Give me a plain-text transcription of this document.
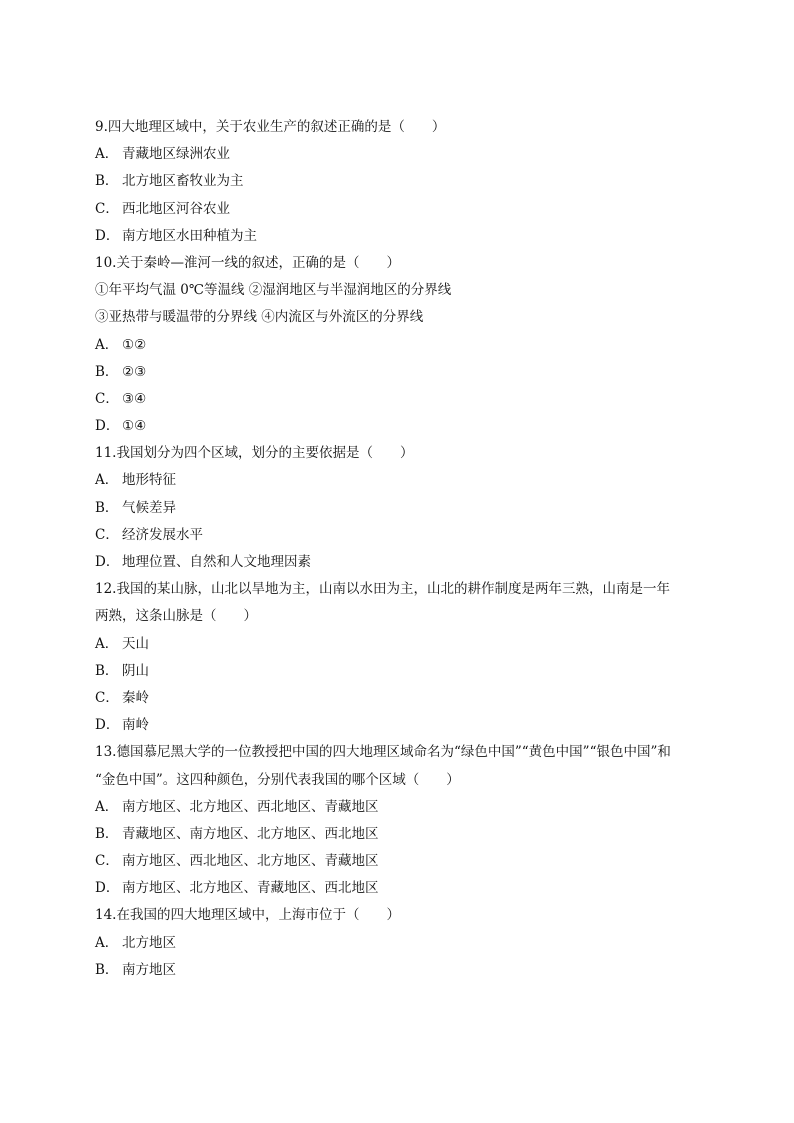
9.四大地理区域中，关于农业生产的叙述正确的是（　　）
A． 青藏地区绿洲农业
B． 北方地区畜牧业为主
C． 西北地区河谷农业
D． 南方地区水田种植为主
10.关于秦岭—淮河一线的叙述，正确的是（　　）
①年平均气温 0℃等温线 ②湿润地区与半湿润地区的分界线
③亚热带与暖温带的分界线 ④内流区与外流区的分界线
A． ①②
B． ②③
C． ③④
D． ①④
11.我国划分为四个区域，划分的主要依据是（　　）
A． 地形特征
B． 气候差异
C． 经济发展水平
D． 地理位置、自然和人文地理因素
12.我国的某山脉，山北以旱地为主，山南以水田为主，山北的耕作制度是两年三熟，山南是一年
两熟，这条山脉是（　　）
A． 天山
B． 阴山
C． 秦岭
D． 南岭
13.德国慕尼黑大学的一位教授把中国的四大地理区域命名为“绿色中国”“黄色中国”“银色中国”和
“金色中国”。这四种颜色，分别代表我国的哪个区域（　　）
A． 南方地区、北方地区、西北地区、青藏地区
B． 青藏地区、南方地区、北方地区、西北地区
C． 南方地区、西北地区、北方地区、青藏地区
D． 南方地区、北方地区、青藏地区、西北地区
14.在我国的四大地理区域中，上海市位于（　　）
A． 北方地区
B． 南方地区
